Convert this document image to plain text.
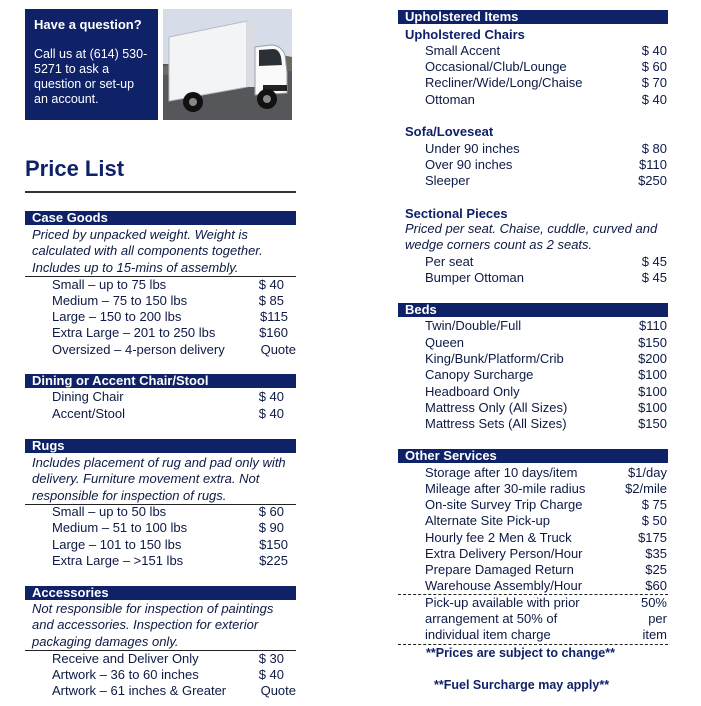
Have a question?
Call us at (614) 530-5271 to ask a question or set-up an account.
Price List
Case Goods
Priced by unpacked weight. Weight is calculated with all components together. Includes up to 15-mins of assembly.
Small – up to 75 lbs	$ 40
Medium – 75 to 150 lbs	$ 85
Large – 150 to 200 lbs	$115
Extra Large – 201 to 250 lbs	$160
Oversized – 4-person delivery	Quote
Dining or Accent Chair/Stool
Dining Chair	$ 40
Accent/Stool	$ 40
Rugs
Includes placement of rug and pad only with delivery. Furniture movement extra. Not responsible for inspection of rugs.
Small – up to 50 lbs	$ 60
Medium – 51 to 100 lbs	$ 90
Large – 101 to 150 lbs	$150
Extra Large – >151 lbs	$225
Accessories
Not responsible for inspection of paintings and accessories. Inspection for exterior packaging damages only.
Receive and Deliver Only	$ 30
Artwork – 36 to 60 inches	$ 40
Artwork – 61 inches & Greater	Quote
Upholstered Items
Upholstered Chairs
Small Accent	$ 40
Occasional/Club/Lounge	$ 60
Recliner/Wide/Long/Chaise	$ 70
Ottoman	$ 40
Sofa/Loveseat
Under 90 inches	$ 80
Over 90 inches	$110
Sleeper	$250
Sectional Pieces
Priced per seat. Chaise, cuddle, curved and wedge corners count as 2 seats.
Per seat	$ 45
Bumper Ottoman	$ 45
Beds
Twin/Double/Full	$110
Queen	$150
King/Bunk/Platform/Crib	$200
Canopy Surcharge	$100
Headboard Only	$100
Mattress Only (All Sizes)	$100
Mattress Sets (All Sizes)	$150
Other Services
Storage after 10 days/item	$1/day
Mileage after 30-mile radius	$2/mile
On-site Survey Trip Charge	$ 75
Alternate Site Pick-up	$ 50
Hourly fee 2 Men & Truck	$175
Extra Delivery Person/Hour	$35
Prepare Damaged Return	$25
Warehouse Assembly/Hour	$60
Pick-up available with prior	50%
arrangement at 50% of	per
individual item charge	item
**Prices are subject to change**
**Fuel Surcharge may apply**
